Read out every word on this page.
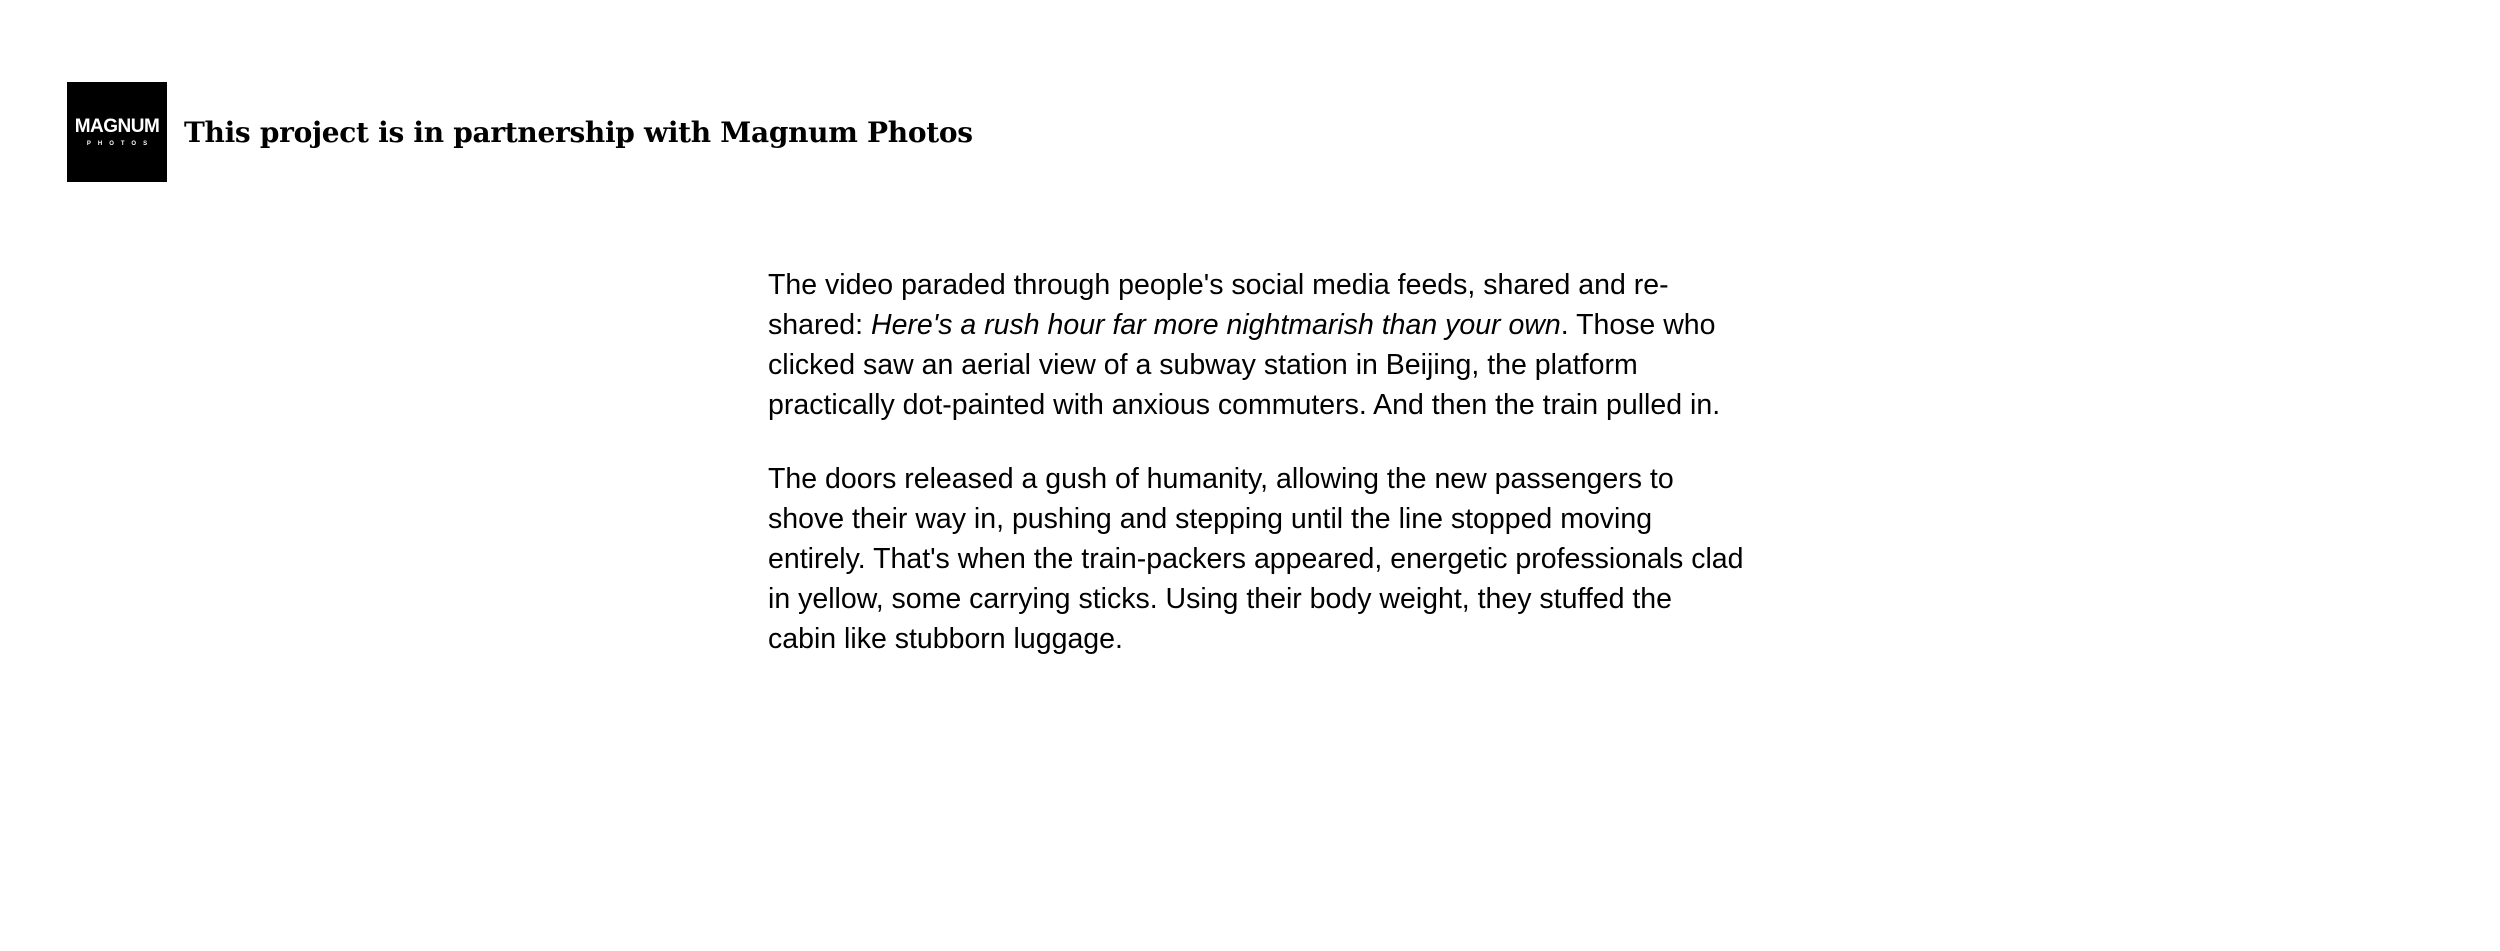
MAGNUM
PHOTOS This project is in partnership with Magnum Photos

The video paraded through people's social media feeds, shared and re-shared: Here's a rush hour far more nightmarish than your own. Those who clicked saw an aerial view of a subway station in Beijing, the platform practically dot-painted with anxious commuters. And then the train pulled in.

The doors released a gush of humanity, allowing the new passengers to shove their way in, pushing and stepping until the line stopped moving entirely. That's when the train-packers appeared, energetic professionals clad in yellow, some carrying sticks. Using their body weight, they stuffed the cabin like stubborn luggage.
